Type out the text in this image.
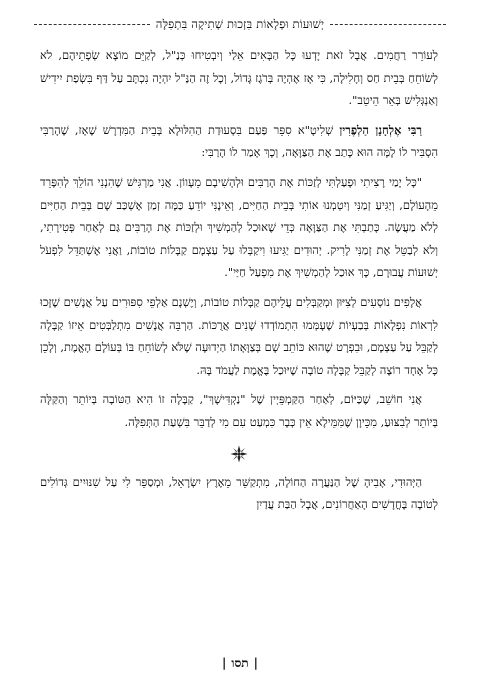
יְשׁוּעוֹת וּפְלָאוֹת בִּזְכוּת שְׁתִיקָה בִּתְפִלָּה

לְעוֹרֵר רַחֲמִים. אֲבָל זֹאת יָדְעוּ כָּל הַבָּאִים אֵלַי וְיִבְטִיחוּ כְּנַ"ל, לְקַיֵּם מוֹצָא שְׂפָתֵיהֶם, לֹא לְשׂוֹחֵחַ בְּבֵית חַס וְחָלִילָה, כִּי אָז אֶהְיֶה בְּרֹגֶז גָּדוֹל, וְכָל זֶה הַנַּ"ל יִהְיֶה נִכְתָּב עַל דַּף בִּשְׂפַת יִידִישׁ וְאַנְגְּלִישׁ בְּאֵר הֵיטֵב".

רַבִּי אֶלְחָנָן הַלְפֶרִין שְׁלִיטָ"א סִפֵּר פַּעַם בִּסְעוּדַת הַהִלּוּלָא בְּבֵית הַמִּדְרָשׁ שֶׁאָז, שֶׁהָרַבִּי הִסְבִּיר לוֹ לָמָּה הוּא כָּתַב אֶת הַצַּוָּאָה, וְכָךְ אָמַר לוֹ הָרַבִּי:

"כָּל יָמַי רָצִיתִי וּפָעַלְתִּי לְזַכּוֹת אֶת הָרַבִּים וּלְהָשִׁיבָם מֵעָווֹן. אֲנִי מַרְגִּישׁ שֶׁהִנְנִי הוֹלֵךְ לְהִפָּרֵד מֵהָעוֹלָם, וְיַגִּיעַ זְמַנִּי וְיִטְמְנוּ אוֹתִי בְּבֵית הַחַיִּים, וְאֵינֶנִּי יוֹדֵעַ כַּמָּה זְמַן אֶשְׁכַּב שָׁם בְּבֵית הַחַיִּים לְלֹא מַעֲשֶׂה. כָּתַבְתִּי אֶת הַצַּוָּאָה כְּדֵי שֶׁאוּכַל לְהַמְשִׁיךְ וּלְזַכּוֹת אֶת הָרַבִּים גַּם לְאַחַר פְּטִירָתִי, וְלֹא לְבַטֵּל אֶת זְמַנִּי לָרִיק. יְהוּדִים יַגִּיעוּ וִיקַבְּלוּ עַל עַצְמָם קַבָּלוֹת טוֹבוֹת, וַאֲנִי אֶשְׁתַּדֵּל לִפְעֹל יְשׁוּעוֹת עֲבוּרָם, כָּךְ אוּכַל לְהַמְשִׁיךְ אֶת מִפְעַל חַיַּי".

אֲלָפִים נוֹסְעִים לְצִיּוּן וּמְקַבְּלִים עֲלֵיהֶם קַבָּלוֹת טוֹבוֹת, וְיֶשְׁנָם אַלְפֵי סִפּוּרִים עַל אֲנָשִׁים שֶׁזָּכוּ לִרְאוֹת נִפְלָאוֹת בְּבַעְיוֹת שֶׁעָמְּמוּ הִתְמוֹדְדוּ שָׁנִים אֲרֻכּוֹת. הַרְבֵּה אֲנָשִׁים מִתְלַבְּטִים אֵיזוֹ קַבָּלָה לְקַבֵּל עַל עַצְמָם, וּבִפְרָט שֶׁהוּא כּוֹתֵב שָׁם בְּצַוָּאָתוֹ הַיְדוּעָה שֶׁלֹּא לְשׂוֹחֵחַ בּוֹ בְּעוֹלָם הָאֱמֶת, וְלָכֵן כָּל אֶחָד רוֹצֶה לְקַבֵּל קַבָּלָה טוֹבָה שֶׁיּוּכַל בֶּאֱמֶת לַעֲמֹד בָּהּ.

אֲנִי חוֹשֵׁב, שֶׁכַּיּוֹם, לְאַחַר הַקַּמְפֵּיְין שֶׁל "נַקְדִּישָׁךְ", קַבָּלָה זוֹ הִיא הַטּוֹבָה בְּיוֹתֵר וְהַקַּלָּה בְּיוֹתֵר לְבִצּוּעַ, מִכֵּיוָן שֶׁמִּמֵּילָא אֵין כְּבָר כִּמְעַט עִם מִי לְדַבֵּר בִּשְׁעַת הַתְּפִלָּה.

הַיְּהוּדִי, אָבִיהָ שֶׁל הַנַּעֲרָה הַחוֹלָה, מִתְקַשֵּׁר מֵאֶרֶץ יִשְׂרָאֵל, וּמְסַפֵּר לִי עַל שִׁנּוּיִים גְּדוֹלִים לְטוֹבָה בֶּחֳדָשִׁים הָאַחֲרוֹנִים, אֲבָל הַבַּת עֲדַיִן

|תסו|
